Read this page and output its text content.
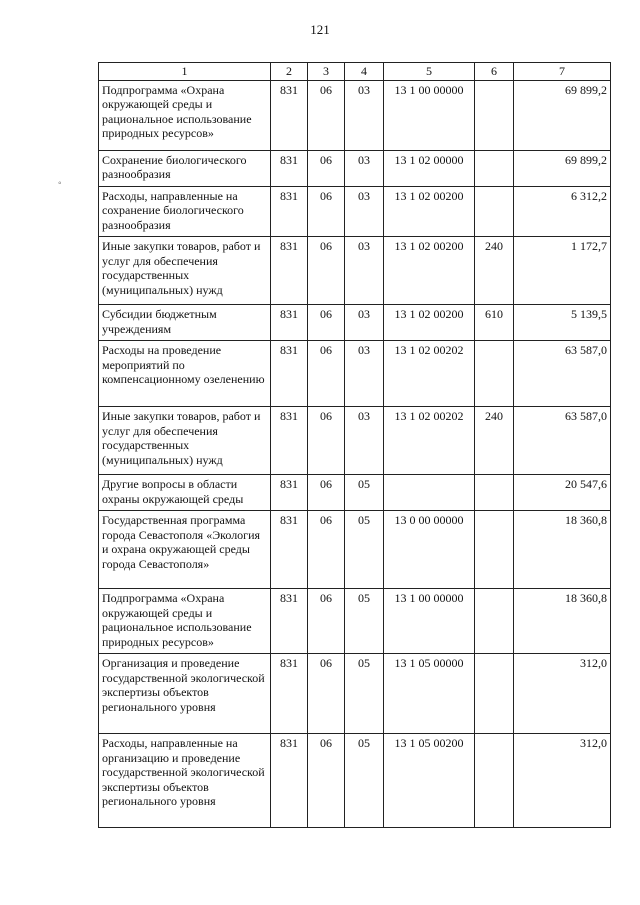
121
1	2	3	4	5	6	7
Подпрограмма «Охрана окружающей среды и рациональное использование природных ресурсов»	831	06	03	13 1 00 00000		69 899,2
Сохранение биологического разнообразия	831	06	03	13 1 02 00000		69 899,2
Расходы, направленные на сохранение биологического разнообразия	831	06	03	13 1 02 00200		6 312,2
Иные закупки товаров, работ и услуг для обеспечения государственных (муниципальных) нужд	831	06	03	13 1 02 00200	240	1 172,7
Субсидии бюджетным учреждениям	831	06	03	13 1 02 00200	610	5 139,5
Расходы на проведение мероприятий по компенсационному озеленению	831	06	03	13 1 02 00202		63 587,0
Иные закупки товаров, работ и услуг для обеспечения государственных (муниципальных) нужд	831	06	03	13 1 02 00202	240	63 587,0
Другие вопросы в области охраны окружающей среды	831	06	05			20 547,6
Государственная программа города Севастополя «Экология и охрана окружающей среды города Севастополя»	831	06	05	13 0 00 00000		18 360,8
Подпрограмма «Охрана окружающей среды и рациональное использование природных ресурсов»	831	06	05	13 1 00 00000		18 360,8
Организация и проведение государственной экологической экспертизы объектов регионального уровня	831	06	05	13 1 05 00000		312,0
Расходы, направленные на организацию и проведение государственной экологической экспертизы объектов регионального уровня	831	06	05	13 1 05 00200		312,0
◦
